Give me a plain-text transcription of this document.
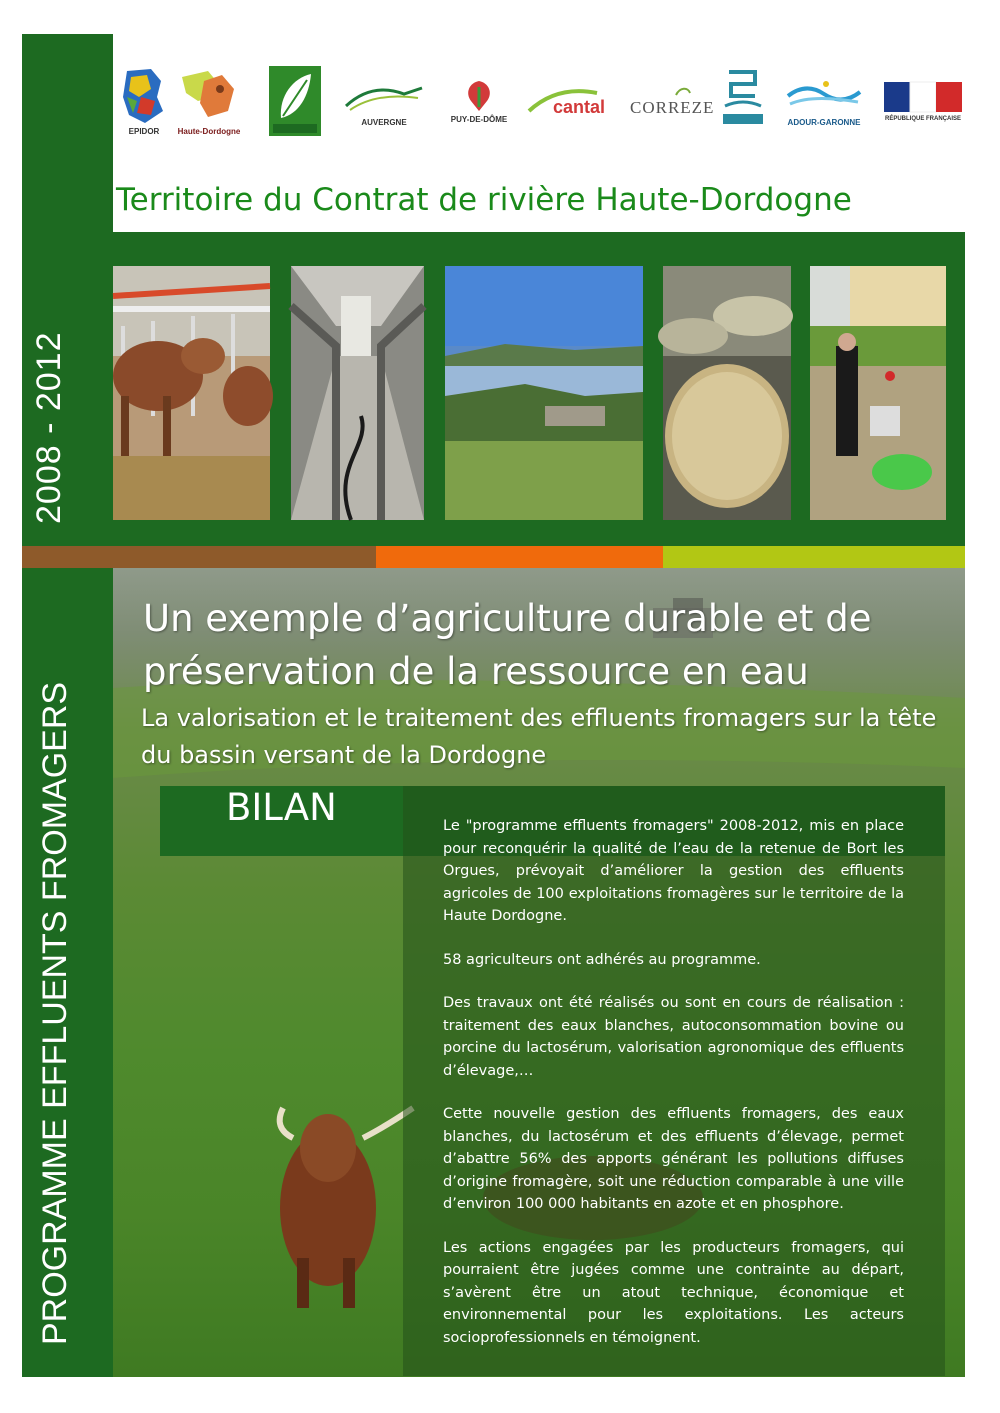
2008 - 2012
PROGRAMME EFFLUENTS FROMAGERS
EPIDOR Haute-Dordogne
AUVERGNE	PUY-DE-DÔME
cantal CORREZE
ADOUR-GARONNE	RÉPUBLIQUE FRANÇAISE
Territoire du Contrat de rivière Haute-Dordogne
Un exemple d’agriculture durable et de préservation de la ressource en eau
La valorisation et le traitement des effluents fromagers sur la tête du bassin versant de la Dordogne
BILAN	Le "programme effluents fromagers" 2008-2012, mis en place pour reconquérir la qualité de l’eau de la retenue de Bort les Orgues, prévoyait d’améliorer la gestion des effluents agricoles de 100 exploitations fromagères sur le territoire de la Haute Dordogne.

58 agriculteurs ont adhérés au programme.

Des travaux ont été réalisés ou sont en cours de réalisation : traitement des eaux blanches, autoconsommation bovine ou porcine du lactosérum, valorisation agronomique des effluents d’élevage,…

Cette nouvelle gestion des effluents fromagers, des eaux blanches, du lactosérum et des effluents d’élevage, permet d’abattre 56% des apports générant les pollutions diffuses d’origine fromagère, soit une réduction comparable à une ville d’environ 100 000 habitants en azote et en phosphore.

Les actions engagées par les producteurs fromagers, qui pourraient être jugées comme une contrainte au départ, s’avèrent être un atout technique, économique et environnemental pour les exploitations. Les acteurs socioprofessionnels en témoignent.
